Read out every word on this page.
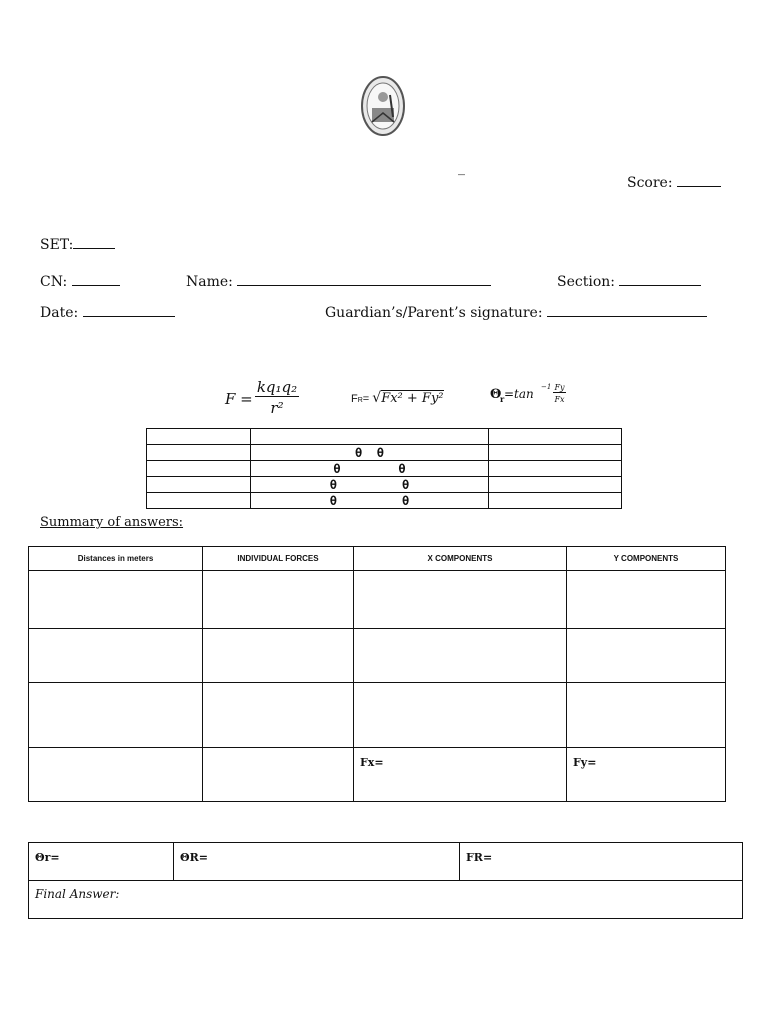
_
Score:
SET:
CN:	Name:	Section:
Date:	Guardian’s/Parent’s signature:
F =
kq₁q₂
r²	FR= √Fx² + Fy²	Θ
r =tan −1 Fy
Fx

	θ  θ	
	θ        θ	
	θ         θ	
	θ         θ	
Summary of answers:
Distances in meters	INDIVIDUAL FORCES	X COMPONENTS	Y COMPONENTS

		Fx=	Fy=
Θr=	ΘR=	FR=
Final Answer:
